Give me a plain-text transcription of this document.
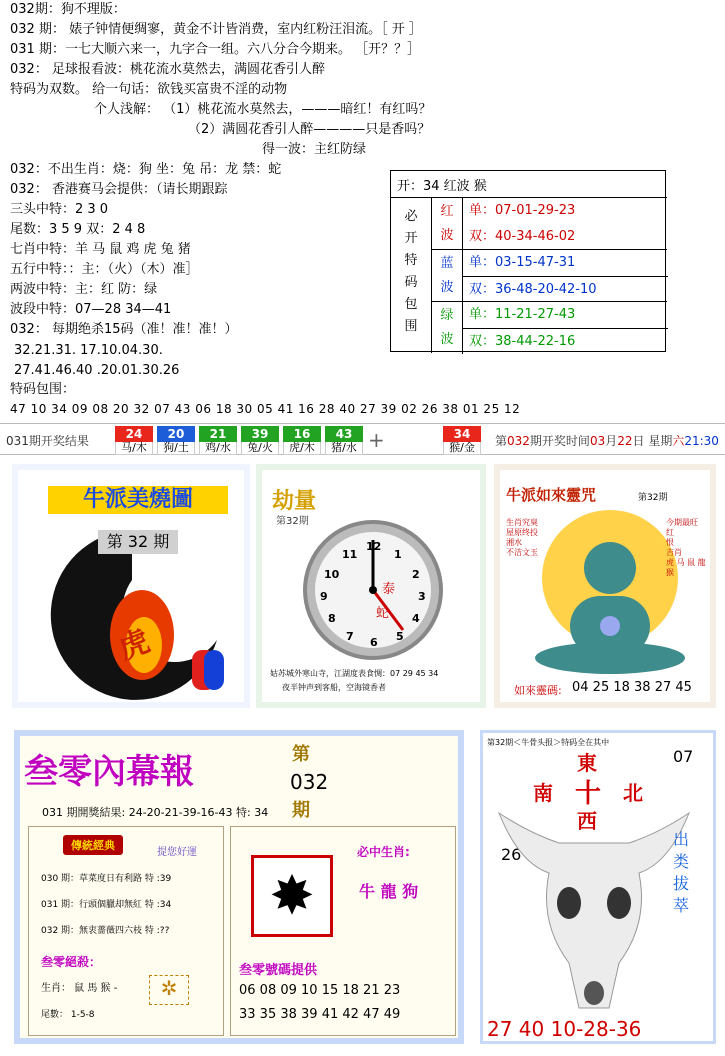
032期：狗不理版：
032 期： 婊子钟情便绸寥，黄金不计皆消费，室内红粉汪泪流。［ 开 ］
031 期：一七大顺六来一，九字合一组。六八分合今期来。 ［开？？］
032： 足球报看波：桃花流水莫然去，满圆花香引人醉
特码为双数。 给一句话：欲钱买富贵不淫的动物
个人浅解： （1）桃花流水莫然去，———暗红！有红吗？
（2）满圆花香引人醉————只是香吗？
得一波：主红防绿
032：不出生肖：烧：狗 坐：兔 吊：龙 禁：蛇
032： 香港赛马会提供：（请长期跟踪
三头中特：2 3 0
尾数：3 5 9 双：2 4 8
七肖中特：羊 马 鼠 鸡 虎 兔 猪
五行中特：：主：（火）（木）准］
两波中特：主：红 防：绿
波段中特：07—28 34—41
032： 每期绝杀15码（准！准！准！）
32.21.31. 17.10.04.30.
27.41.46.40 .20.01.30.26
特码包围：
开：34 红波 猴
必
开
特
码
包
围
红 波
单：07-01-29-23
双：40-34-46-02
蓝 波
单：03-15-47-31
双：36-48-20-42-10
绿 波
单：11-21-27-43
双：38-44-22-16
47 10 34 09 08 20 32 07 43 06 18 30 05 41 16 28 40 27 39 02 26 38 01 25 12
031期开奖结果	24
马/木
20
狗/土
21
鸡/水
39
兔/火
16
虎/木
43
猪/水 +	34
猴/金	第032期开奖时间03月22日 星期六21:30
牛派美燒圖
第 32 期
虎
劫量
第32期
12
1
2
3
4
5
6
7
8
9
10
11
泰
蛇
姑苏城外寒山寺，江湖度表食惆：07 29 45 34
夜半钟声到客船，空海镜香者
牛派如來靈咒	第32期
生肖究臭
屋原终投湘水
不洁文玉
今期最旺
红
恨
吉肖
虎 马 鼠 龍 猴
如來靈碼: 04 25 18 38 27 45
叁零內幕報	第
032
期
031 期開獎結果: 24-20-21-39-16-43 特: 34
傳統經典
提您好運
030 期：草菜度日有利路 特 :39
031 期：行頭個臘却無紅 特 :34
032 期：無衷薔薇四六枝 特 :??
叁零絕殺：
生肖： 鼠 馬 猴 -
尾數： 1-5-8
✲
✸
必中生肖:
牛 龍 狗
叁零號碼提供
06 08 09 10 15 18 21 23
33 35 38 39 41 42 47 49
第32期＜牛骨头报＞特码全在其中
東
南 十 北
西
07
26
出类拔萃
27 40 10-28-36
